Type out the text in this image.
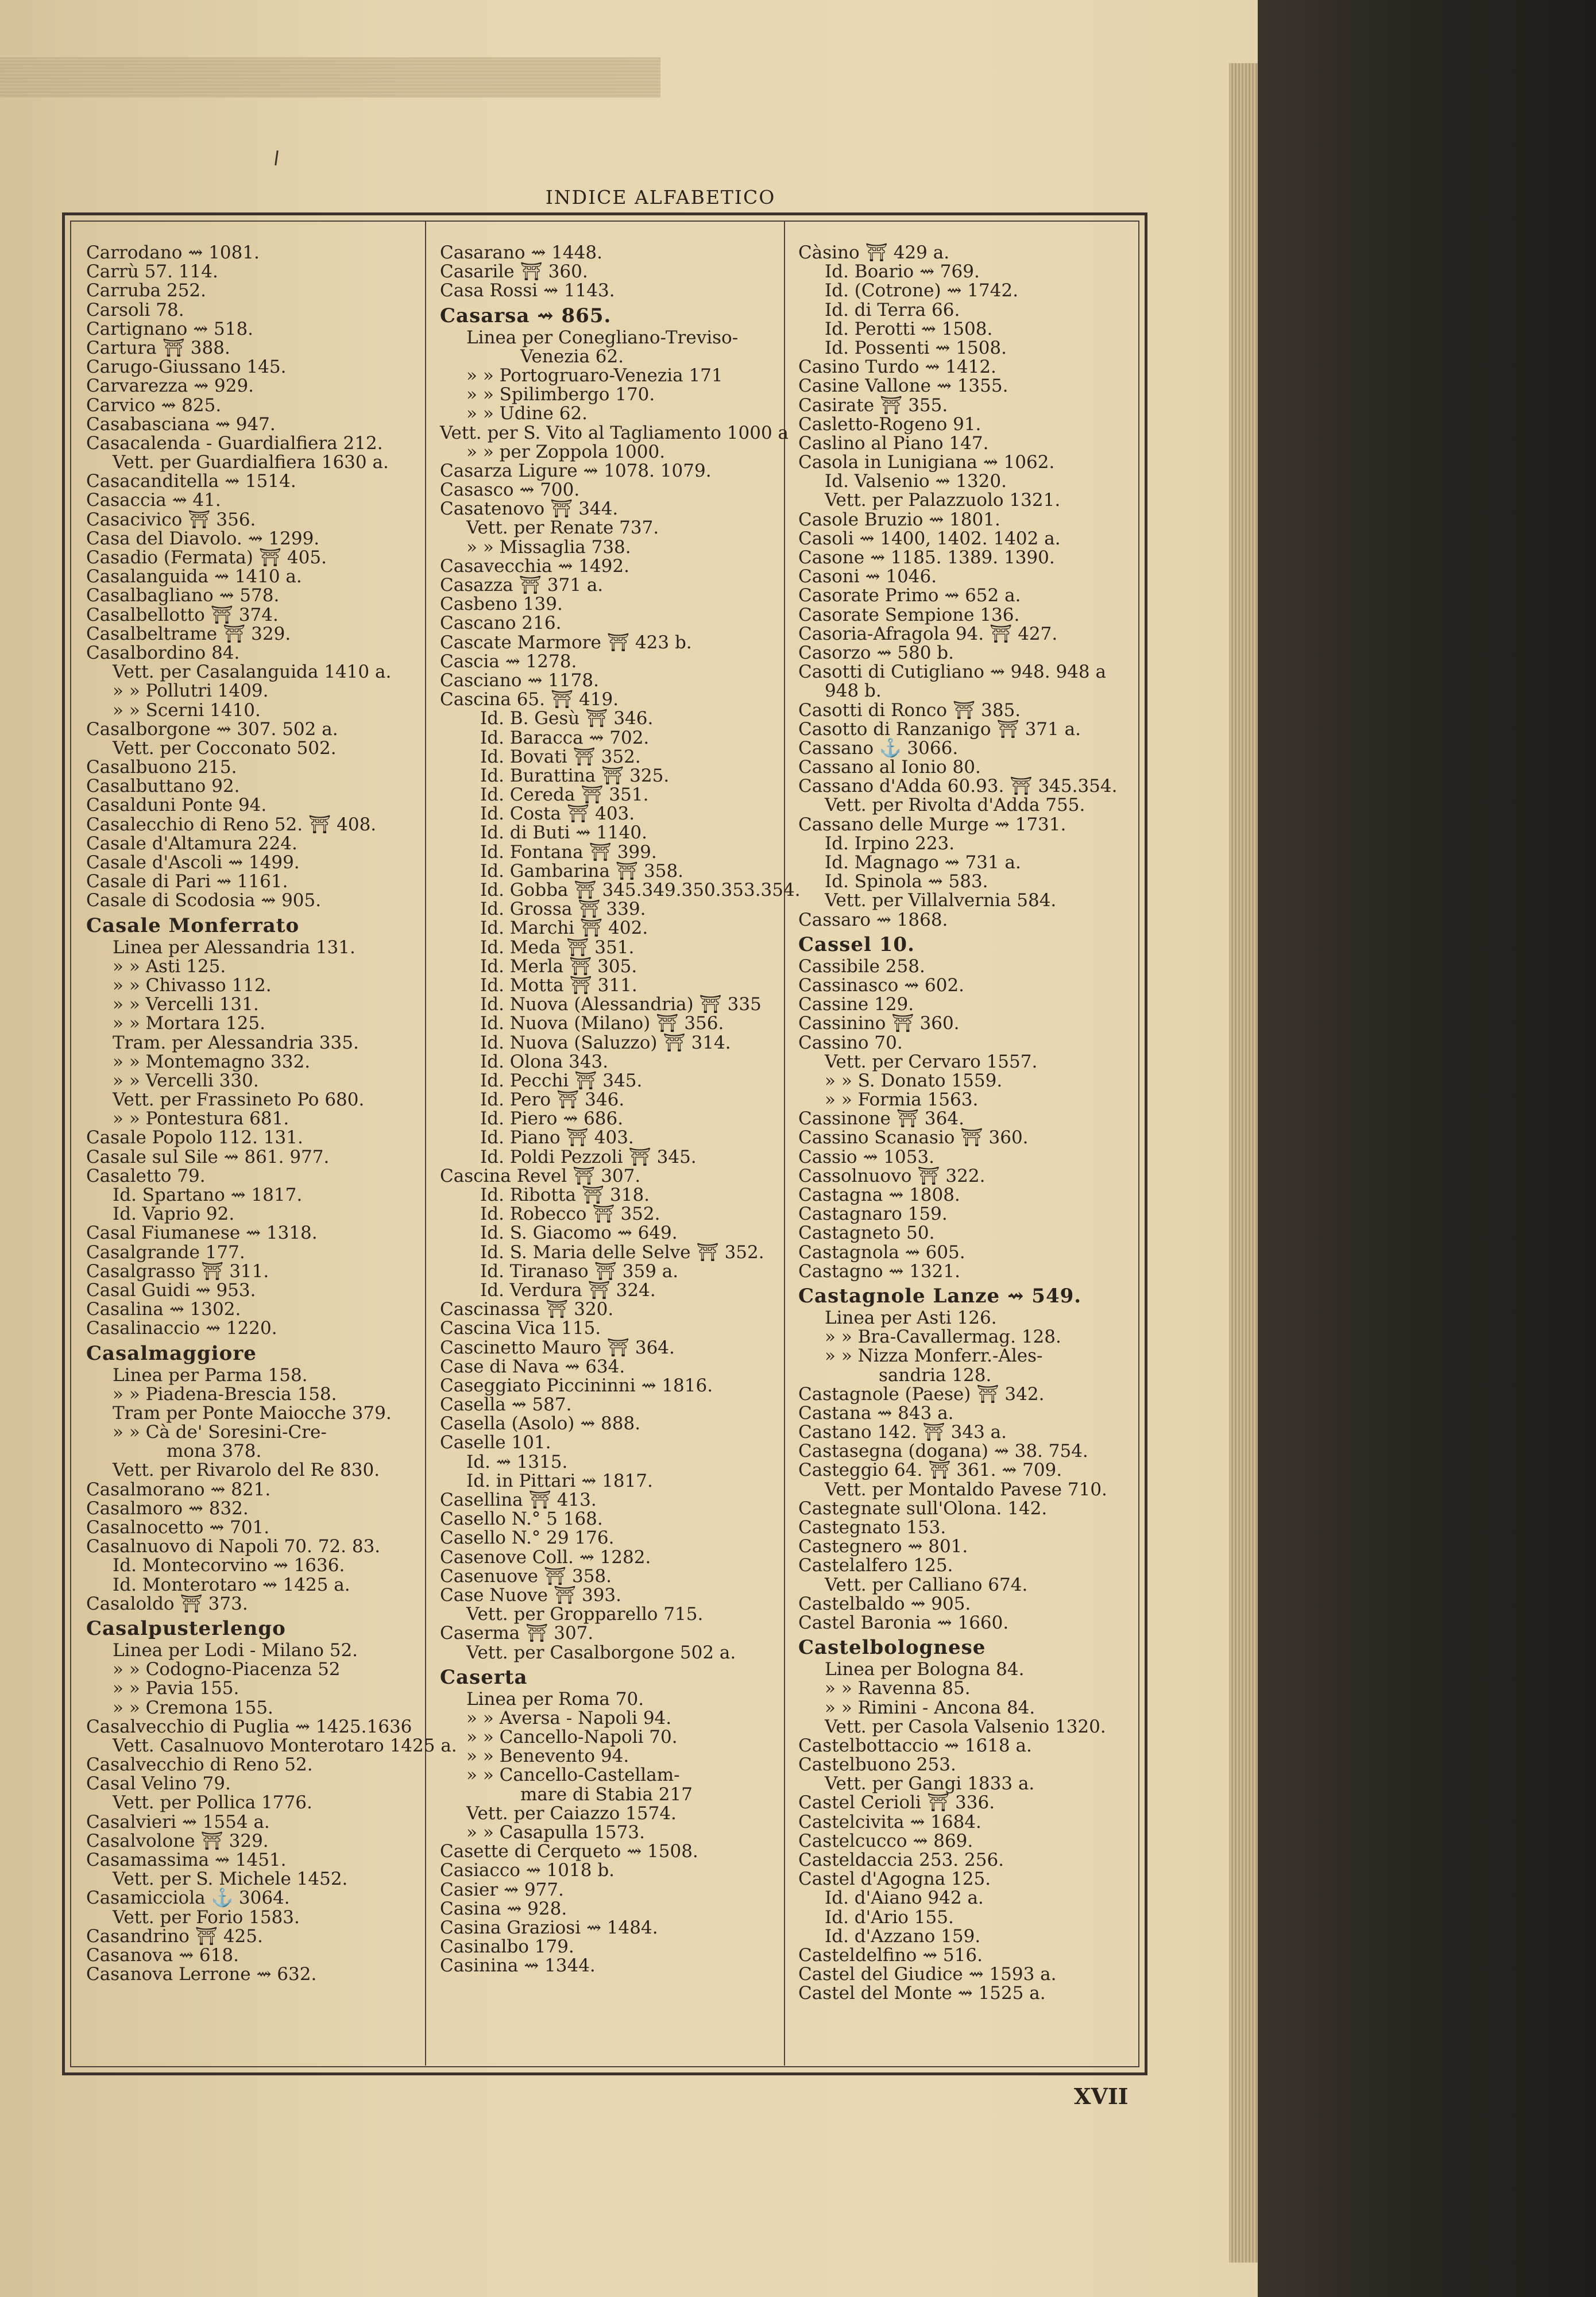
INDICE ALFABETICO
Carrodano ⇝ 1081.
Carrù 57. 114.
Carruba 252.
Carsoli 78.
Cartignano ⇝ 518.
Cartura ⛩ 388.
Carugo-Giussano 145.
Carvarezza ⇝ 929.
Carvico ⇝ 825.
Casabasciana ⇝ 947.
Casacalenda - Guardialfiera 212.
Vett. per Guardialfiera 1630 a.
Casacanditella ⇝ 1514.
Casaccia ⇝ 41.
Casacivico ⛩ 356.
Casa del Diavolo. ⇝ 1299.
Casadio (Fermata) ⛩ 405.
Casalanguida ⇝ 1410 a.
Casalbagliano ⇝ 578.
Casalbellotto ⛩ 374.
Casalbeltrame ⛩ 329.
Casalbordino 84.
Vett. per Casalanguida 1410 a.
» » Pollutri 1409.
» » Scerni 1410.
Casalborgone ⇝ 307. 502 a.
Vett. per Cocconato 502.
Casalbuono 215.
Casalbuttano 92.
Casalduni Ponte 94.
Casalecchio di Reno 52. ⛩ 408.
Casale d'Altamura 224.
Casale d'Ascoli ⇝ 1499.
Casale di Pari ⇝ 1161.
Casale di Scodosia ⇝ 905.
Casale Monferrato
Linea per Alessandria 131.
» » Asti 125.
» » Chivasso 112.
» » Vercelli 131.
» » Mortara 125.
Tram. per Alessandria 335.
» » Montemagno 332.
» » Vercelli 330.
Vett. per Frassineto Po 680.
» » Pontestura 681.
Casale Popolo 112. 131.
Casale sul Sile ⇝ 861. 977.
Casaletto 79.
Id. Spartano ⇝ 1817.
Id. Vaprio 92.
Casal Fiumanese ⇝ 1318.
Casalgrande 177.
Casalgrasso ⛩ 311.
Casal Guidi ⇝ 953.
Casalina ⇝ 1302.
Casalinaccio ⇝ 1220.
Casalmaggiore
Linea per Parma 158.
» » Piadena-Brescia 158.
Tram per Ponte Maiocche 379.
» » Cà de' Soresini-Cre-
mona 378.
Vett. per Rivarolo del Re 830.
Casalmorano ⇝ 821.
Casalmoro ⇝ 832.
Casalnocetto ⇝ 701.
Casalnuovo di Napoli 70. 72. 83.
Id. Montecorvino ⇝ 1636.
Id. Monterotaro ⇝ 1425 a.
Casaloldo ⛩ 373.
Casalpusterlengo
Linea per Lodi - Milano 52.
» » Codogno-Piacenza 52
» » Pavia 155.
» » Cremona 155.
Casalvecchio di Puglia ⇝ 1425.1636
Vett. Casalnuovo Monterotaro 1425 a.
Casalvecchio di Reno 52.
Casal Velino 79.
Vett. per Pollica 1776.
Casalvieri ⇝ 1554 a.
Casalvolone ⛩ 329.
Casamassima ⇝ 1451.
Vett. per S. Michele 1452.
Casamicciola ⚓ 3064.
Vett. per Forio 1583.
Casandrino ⛩ 425.
Casanova ⇝ 618.
Casanova Lerrone ⇝ 632.
Casarano ⇝ 1448.
Casarile ⛩ 360.
Casa Rossi ⇝ 1143.
Casarsa ⇝ 865.
Linea per Conegliano-Treviso-
Venezia 62.
» » Portogruaro-Venezia 171
» » Spilimbergo 170.
» » Udine 62.
Vett. per S. Vito al Tagliamento 1000 a
» » per Zoppola 1000.
Casarza Ligure ⇝ 1078. 1079.
Casasco ⇝ 700.
Casatenovo ⛩ 344.
Vett. per Renate 737.
» » Missaglia 738.
Casavecchia ⇝ 1492.
Casazza ⛩ 371 a.
Casbeno 139.
Cascano 216.
Cascate Marmore ⛩ 423 b.
Cascia ⇝ 1278.
Casciano ⇝ 1178.
Cascina 65. ⛩ 419.
Id. B. Gesù ⛩ 346.
Id. Baracca ⇝ 702.
Id. Bovati ⛩ 352.
Id. Burattina ⛩ 325.
Id. Cereda ⛩ 351.
Id. Costa ⛩ 403.
Id. di Buti ⇝ 1140.
Id. Fontana ⛩ 399.
Id. Gambarina ⛩ 358.
Id. Gobba ⛩ 345.349.350.353.354.
Id. Grossa ⛩ 339.
Id. Marchi ⛩ 402.
Id. Meda ⛩ 351.
Id. Merla ⛩ 305.
Id. Motta ⛩ 311.
Id. Nuova (Alessandria) ⛩ 335
Id. Nuova (Milano) ⛩ 356.
Id. Nuova (Saluzzo) ⛩ 314.
Id. Olona 343.
Id. Pecchi ⛩ 345.
Id. Pero ⛩ 346.
Id. Piero ⇝ 686.
Id. Piano ⛩ 403.
Id. Poldi Pezzoli ⛩ 345.
Cascina Revel ⛩ 307.
Id. Ribotta ⛩ 318.
Id. Robecco ⛩ 352.
Id. S. Giacomo ⇝ 649.
Id. S. Maria delle Selve ⛩ 352.
Id. Tiranaso ⛩ 359 a.
Id. Verdura ⛩ 324.
Cascinassa ⛩ 320.
Cascina Vica 115.
Cascinetto Mauro ⛩ 364.
Case di Nava ⇝ 634.
Caseggiato Piccininni ⇝ 1816.
Casella ⇝ 587.
Casella (Asolo) ⇝ 888.
Caselle 101.
Id. ⇝ 1315.
Id. in Pittari ⇝ 1817.
Casellina ⛩ 413.
Casello N.° 5 168.
Casello N.° 29 176.
Casenove Coll. ⇝ 1282.
Casenuove ⛩ 358.
Case Nuove ⛩ 393.
Vett. per Gropparello 715.
Caserma ⛩ 307.
Vett. per Casalborgone 502 a.
Caserta
Linea per Roma 70.
» » Aversa - Napoli 94.
» » Cancello-Napoli 70.
» » Benevento 94.
» » Cancello-Castellam-
mare di Stabia 217
Vett. per Caiazzo 1574.
» » Casapulla 1573.
Casette di Cerqueto ⇝ 1508.
Casiacco ⇝ 1018 b.
Casier ⇝ 977.
Casina ⇝ 928.
Casina Graziosi ⇝ 1484.
Casinalbo 179.
Casinina ⇝ 1344.
Càsino ⛩ 429 a.
Id. Boario ⇝ 769.
Id. (Cotrone) ⇝ 1742.
Id. di Terra 66.
Id. Perotti ⇝ 1508.
Id. Possenti ⇝ 1508.
Casino Turdo ⇝ 1412.
Casine Vallone ⇝ 1355.
Casirate ⛩ 355.
Casletto-Rogeno 91.
Caslino al Piano 147.
Casola in Lunigiana ⇝ 1062.
Id. Valsenio ⇝ 1320.
Vett. per Palazzuolo 1321.
Casole Bruzio ⇝ 1801.
Casoli ⇝ 1400, 1402. 1402 a.
Casone ⇝ 1185. 1389. 1390.
Casoni ⇝ 1046.
Casorate Primo ⇝ 652 a.
Casorate Sempione 136.
Casoria-Afragola 94. ⛩ 427.
Casorzo ⇝ 580 b.
Casotti di Cutigliano ⇝ 948. 948 a
948 b.
Casotti di Ronco ⛩ 385.
Casotto di Ranzanigo ⛩ 371 a.
Cassano ⚓ 3066.
Cassano al Ionio 80.
Cassano d'Adda 60.93. ⛩ 345.354.
Vett. per Rivolta d'Adda 755.
Cassano delle Murge ⇝ 1731.
Id. Irpino 223.
Id. Magnago ⇝ 731 a.
Id. Spinola ⇝ 583.
Vett. per Villalvernia 584.
Cassaro ⇝ 1868.
Cassel 10.
Cassibile 258.
Cassinasco ⇝ 602.
Cassine 129.
Cassinino ⛩ 360.
Cassino 70.
Vett. per Cervaro 1557.
» » S. Donato 1559.
» » Formia 1563.
Cassinone ⛩ 364.
Cassino Scanasio ⛩ 360.
Cassio ⇝ 1053.
Cassolnuovo ⛩ 322.
Castagna ⇝ 1808.
Castagnaro 159.
Castagneto 50.
Castagnola ⇝ 605.
Castagno ⇝ 1321.
Castagnole Lanze ⇝ 549.
Linea per Asti 126.
» » Bra-Cavallermag. 128.
» » Nizza Monferr.-Ales-
sandria 128.
Castagnole (Paese) ⛩ 342.
Castana ⇝ 843 a.
Castano 142. ⛩ 343 a.
Castasegna (dogana) ⇝ 38. 754.
Casteggio 64. ⛩ 361. ⇝ 709.
Vett. per Montaldo Pavese 710.
Castegnate sull'Olona. 142.
Castegnato 153.
Castegnero ⇝ 801.
Castelalfero 125.
Vett. per Calliano 674.
Castelbaldo ⇝ 905.
Castel Baronia ⇝ 1660.
Castelbolognese
Linea per Bologna 84.
» » Ravenna 85.
» » Rimini - Ancona 84.
Vett. per Casola Valsenio 1320.
Castelbottaccio ⇝ 1618 a.
Castelbuono 253.
Vett. per Gangi 1833 a.
Castel Cerioli ⛩ 336.
Castelcivita ⇝ 1684.
Castelcucco ⇝ 869.
Casteldaccia 253. 256.
Castel d'Agogna 125.
Id. d'Aiano 942 a.
Id. d'Ario 155.
Id. d'Azzano 159.
Casteldelfino ⇝ 516.
Castel del Giudice ⇝ 1593 a.
Castel del Monte ⇝ 1525 a.
XVII
